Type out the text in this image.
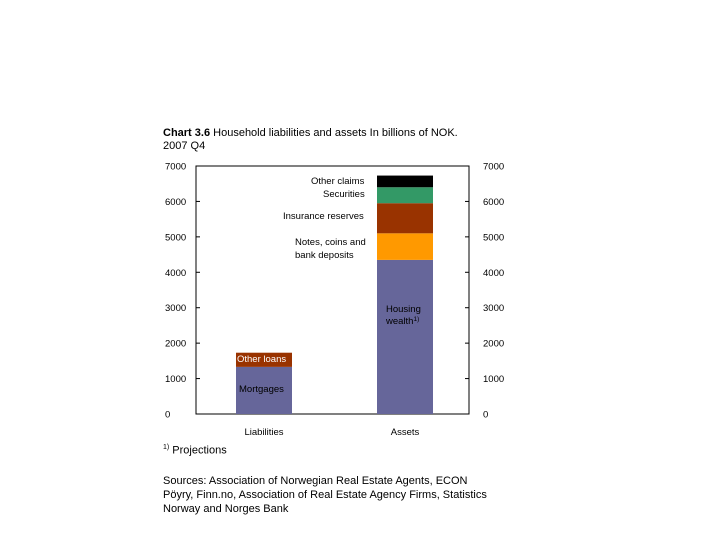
Chart 3.6 Household liabilities and assets In billions of NOK.
2007 Q4
0	0
1000	1000
2000	2000
3000	3000
4000	4000
5000	5000
6000	6000
7000	7000
Liabilities	Assets
Mortgages
Other loans
Housing
wealth$^{1)}$
Notes, coins and
bank deposits
Insurance reserves
Securities
Other claims
$^{1)}$ Projections
Sources: Association of Norwegian Real Estate Agents, ECON Pöyry, Finn.no, Association of Real Estate Agency Firms, Statistics Norway and Norges Bank
